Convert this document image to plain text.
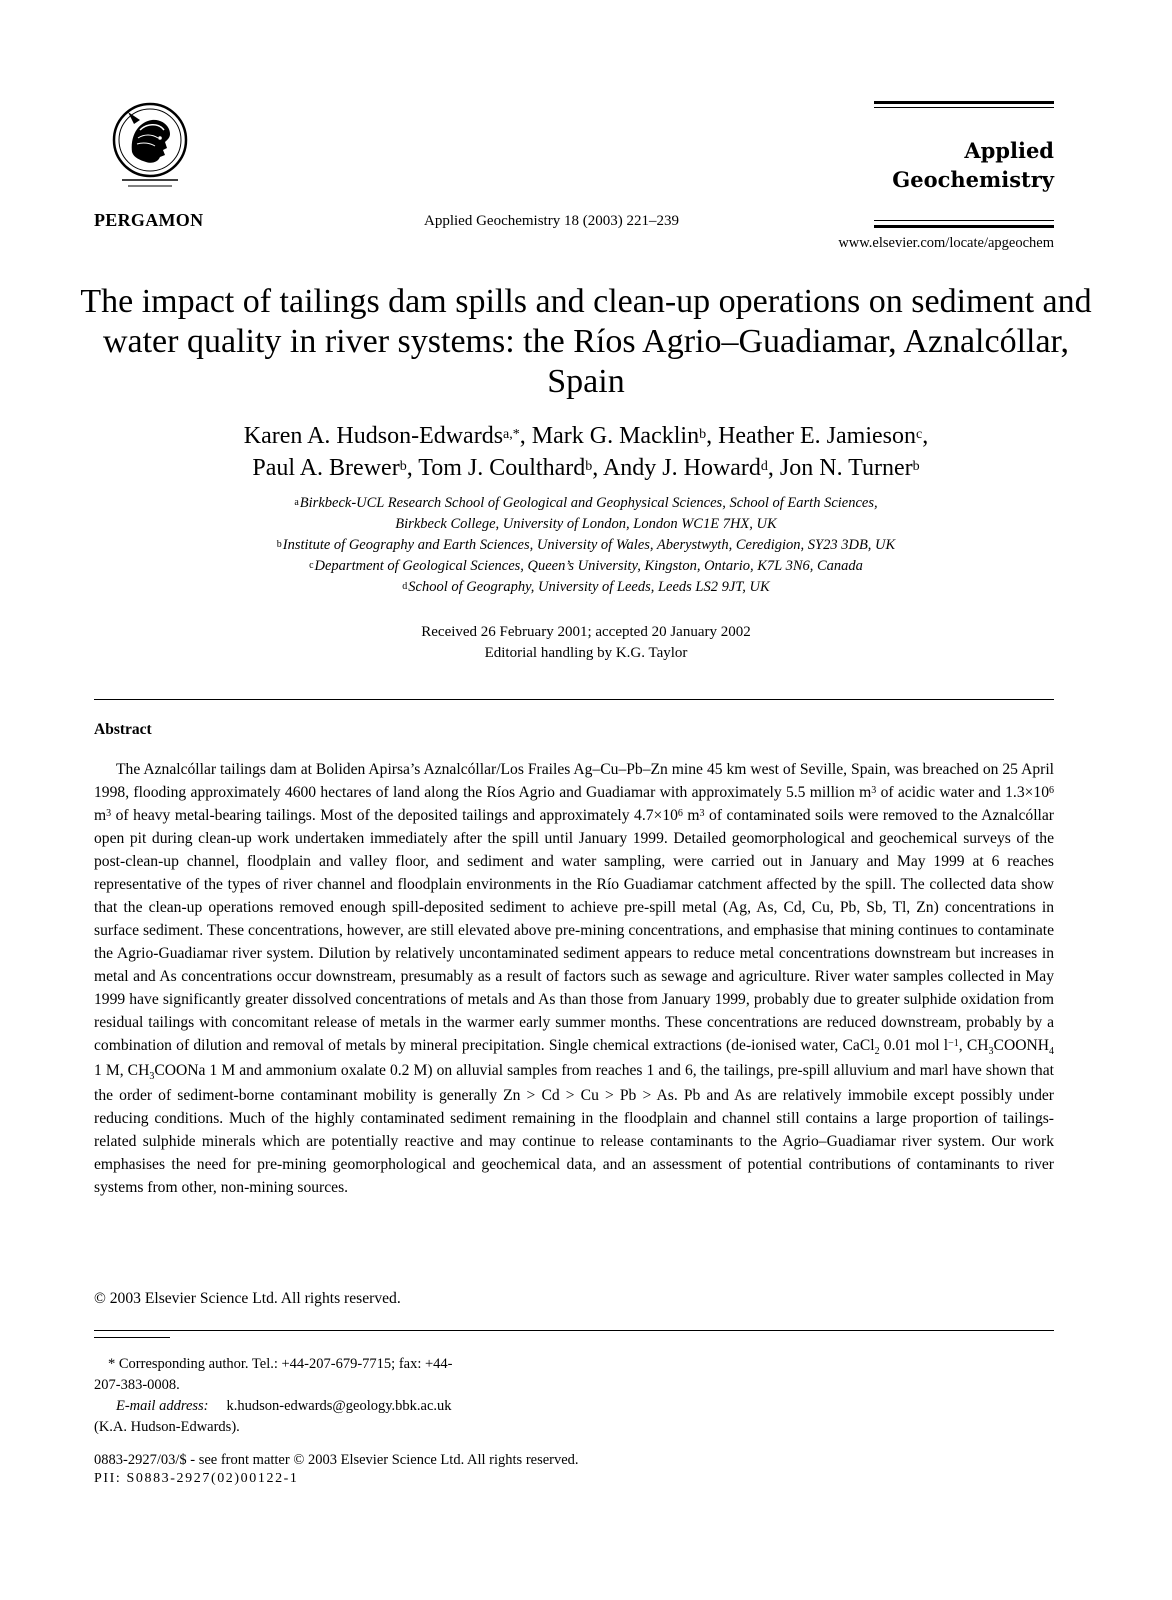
PERGAMON	Applied Geochemistry 18 (2003) 221–239
Applied
Geochemistry
www.elsevier.com/locate/apgeochem
The impact of tailings dam spills and clean-up operations on sediment and water quality in river systems: the Ríos Agrio–Guadiamar, Aznalcóllar, Spain
Karen A. Hudson-Edwards$^{a,*}$, Mark G. Macklin$^b$, Heather E. Jamieson$^c$,
Paul A. Brewer$^b$, Tom J. Coulthard$^b$, Andy J. Howard$^d$, Jon N. Turner$^b$
$^a$Birkbeck-UCL Research School of Geological and Geophysical Sciences, School of Earth Sciences,
Birkbeck College, University of London, London WC1E 7HX, UK
$^b$Institute of Geography and Earth Sciences, University of Wales, Aberystwyth, Ceredigion, SY23 3DB, UK
$^c$Department of Geological Sciences, Queen’s University, Kingston, Ontario, K7L 3N6, Canada
$^d$School of Geography, University of Leeds, Leeds LS2 9JT, UK
Received 26 February 2001; accepted 20 January 2002
Editorial handling by K.G. Taylor
Abstract
The Aznalcóllar tailings dam at Boliden Apirsa’s Aznalcóllar/Los Frailes Ag–Cu–Pb–Zn mine 45 km west of Seville, Spain, was breached on 25 April 1998, flooding approximately 4600 hectares of land along the Ríos Agrio and Guadiamar with approximately 5.5 million $m^3$ of acidic water and $1.3\times 10^6$ $m^3$ of heavy metal-bearing tailings. Most of the deposited tailings and approximately $4.7\times 10^6$ $m^3$ of contaminated soils were removed to the Aznalcóllar open pit during clean-up work undertaken immediately after the spill until January 1999. Detailed geomorphological and geochemical surveys of the post-clean-up channel, floodplain and valley floor, and sediment and water sampling, were carried out in January and May 1999 at 6 reaches representative of the types of river channel and floodplain environments in the Río Guadiamar catchment affected by the spill. The collected data show that the clean-up operations removed enough spill-deposited sediment to achieve pre-spill metal (Ag, As, Cd, Cu, Pb, Sb, Tl, Zn) concentrations in surface sediment. These concentrations, however, are still elevated above pre-mining concentrations, and emphasise that mining continues to contaminate the Agrio-Guadiamar river system. Dilution by relatively uncontaminated sediment appears to reduce metal concentrations downstream but increases in metal and As concentrations occur downstream, presumably as a result of factors such as sewage and agriculture. River water samples collected in May 1999 have significantly greater dissolved concentrations of metals and As than those from January 1999, probably due to greater sulphide oxidation from residual tailings with concomitant release of metals in the warmer early summer months. These concentrations are reduced downstream, probably by a combination of dilution and removal of metals by mineral precipitation. Single chemical extractions (de-ionised water, CaCl$_2$ 0.01 mol $l^{-1}$, $CH_3COONH_4$ 1 M, $CH_3COONa$ 1 M and ammonium oxalate 0.2 M) on alluvial samples from reaches 1 and 6, the tailings, pre-spill alluvium and marl have shown that the order of sediment-borne contaminant mobility is generally Zn > Cd > Cu > Pb > As. Pb and As are relatively immobile except possibly under reducing conditions. Much of the highly contaminated sediment remaining in the floodplain and channel still contains a large proportion of tailings-related sulphide minerals which are potentially reactive and may continue to release contaminants to the Agrio–Guadiamar river system. Our work emphasises the need for pre-mining geomorphological and geochemical data, and an assessment of potential contributions of contaminants to river systems from other, non-mining sources.
© 2003 Elsevier Science Ltd. All rights reserved.
* Corresponding author. Tel.: +44-207-679-7715; fax: +44-
207-383-0008.
E-mail address: k.hudson-edwards@geology.bbk.ac.uk
(K.A. Hudson-Edwards).
0883-2927/03/$ - see front matter © 2003 Elsevier Science Ltd. All rights reserved.
PII: S0883-2927(02)00122-1
